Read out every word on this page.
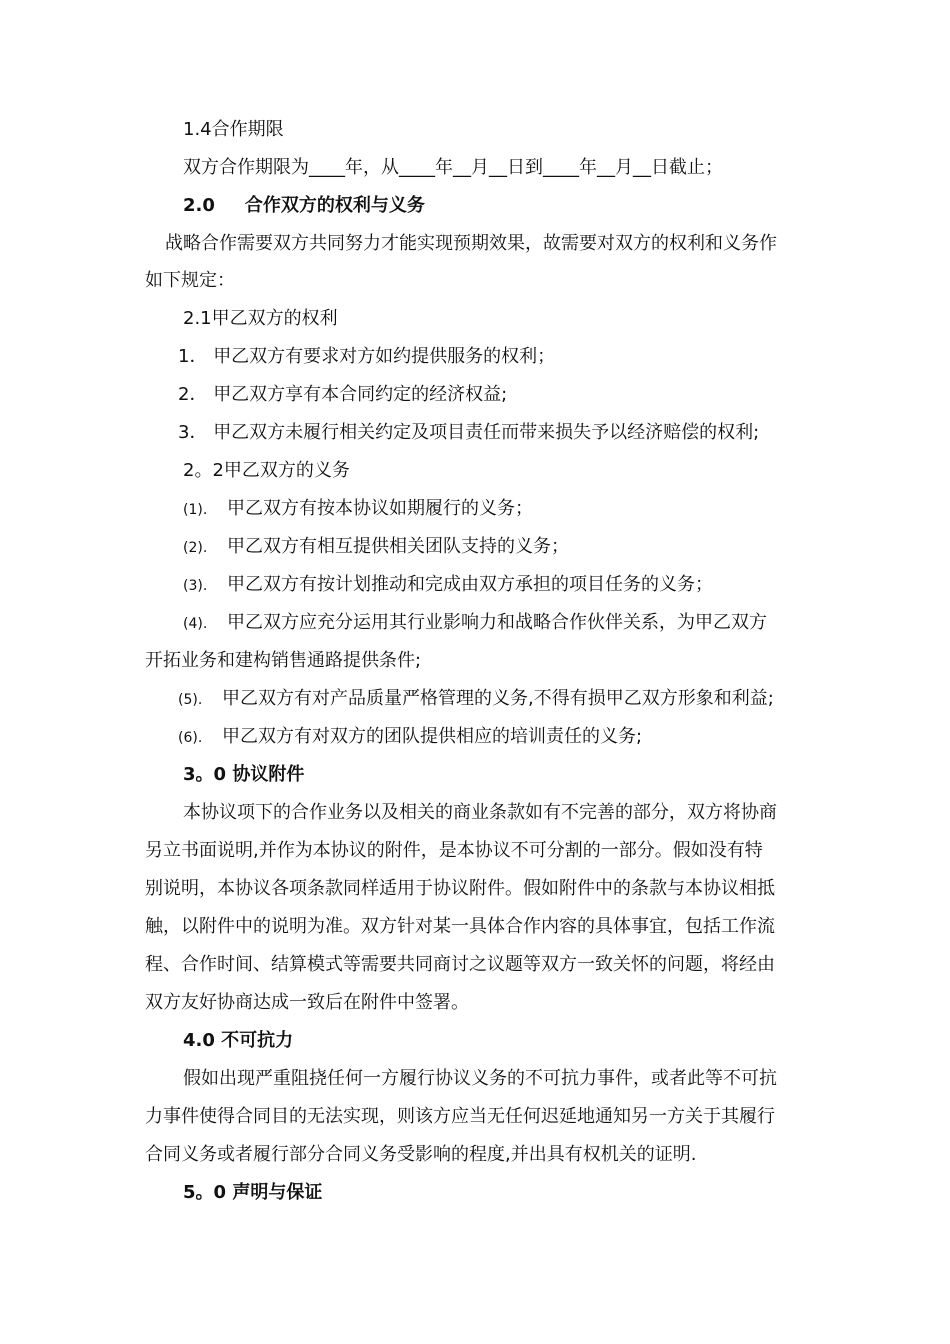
1.4合作期限
双方合作期限为____年，从____年__月__日到____年__月__日截止；
2.0 合作双方的权利与义务
战略合作需要双方共同努力才能实现预期效果，故需要对双方的权利和义务作
如下规定：
2.1甲乙双方的权利
1． 甲乙双方有要求对方如约提供服务的权利；
2． 甲乙双方享有本合同约定的经济权益;
3． 甲乙双方未履行相关约定及项目责任而带来损失予以经济赔偿的权利;
2。2甲乙双方的义务
(1). 甲乙双方有按本协议如期履行的义务；
(2). 甲乙双方有相互提供相关团队支持的义务；
(3). 甲乙双方有按计划推动和完成由双方承担的项目任务的义务；
(4). 甲乙双方应充分运用其行业影响力和战略合作伙伴关系，为甲乙双方
开拓业务和建构销售通路提供条件;
(5). 甲乙双方有对产品质量严格管理的义务,不得有损甲乙双方形象和利益;
(6). 甲乙双方有对双方的团队提供相应的培训责任的义务;
3。0 协议附件
本协议项下的合作业务以及相关的商业条款如有不完善的部分，双方将协商
另立书面说明,并作为本协议的附件，是本协议不可分割的一部分。假如没有特
别说明，本协议各项条款同样适用于协议附件。假如附件中的条款与本协议相抵
触，以附件中的说明为准。双方针对某一具体合作内容的具体事宜，包括工作流
程、合作时间、结算模式等需要共同商讨之议题等双方一致关怀的问题，将经由
双方友好协商达成一致后在附件中签署。
4.0 不可抗力
假如出现严重阻挠任何一方履行协议义务的不可抗力事件，或者此等不可抗
力事件使得合同目的无法实现，则该方应当无任何迟延地通知另一方关于其履行
合同义务或者履行部分合同义务受影响的程度,并出具有权机关的证明.
5。0 声明与保证
